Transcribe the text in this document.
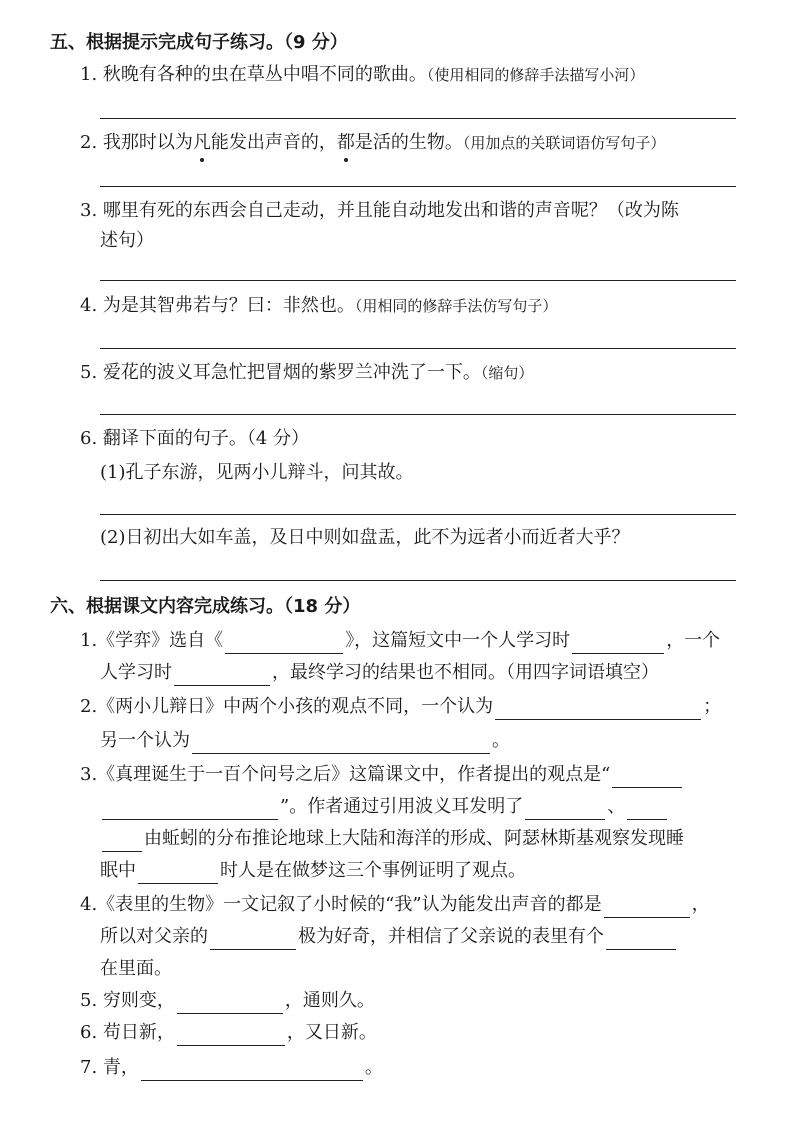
五、根据提示完成句子练习。（9 分）
1. 秋晚有各种的虫在草丛中唱不同的歌曲。（使用相同的修辞手法描写小河）
2. 我那时以为凡能发出声音的，都是活的生物。（用加点的关联词语仿写句子）
3. 哪里有死的东西会自己走动，并且能自动地发出和谐的声音呢？（改为陈
述句）
4. 为是其智弗若与？曰：非然也。（用相同的修辞手法仿写句子）
5. 爱花的波义耳急忙把冒烟的紫罗兰冲洗了一下。（缩句）
6. 翻译下面的句子。（4 分）
(1)孔子东游，见两小儿辩斗，问其故。
(2)日初出大如车盖，及日中则如盘盂，此不为远者小而近者大乎？
六、根据课文内容完成练习。（18 分）
1.《学弈》选自《	》，这篇短文中一个人学习时	，一个
人学习时	，最终学习的结果也不相同。（用四字词语填空）
2.《两小儿辩日》中两个小孩的观点不同，一个认为	；
另一个认为	。
3.《真理诞生于一百个问号之后》这篇课文中，作者提出的观点是“
”。作者通过引用波义耳发明了	、
由蚯蚓的分布推论地球上大陆和海洋的形成、阿瑟林斯基观察发现睡
眠中	时人是在做梦这三个事例证明了观点。
4.《表里的生物》一文记叙了小时候的“我”认为能发出声音的都是	，
所以对父亲的	极为好奇，并相信了父亲说的表里有个
在里面。
5. 穷则变，	，通则久。
6. 苟日新，	，又日新。
7. 青，	。
